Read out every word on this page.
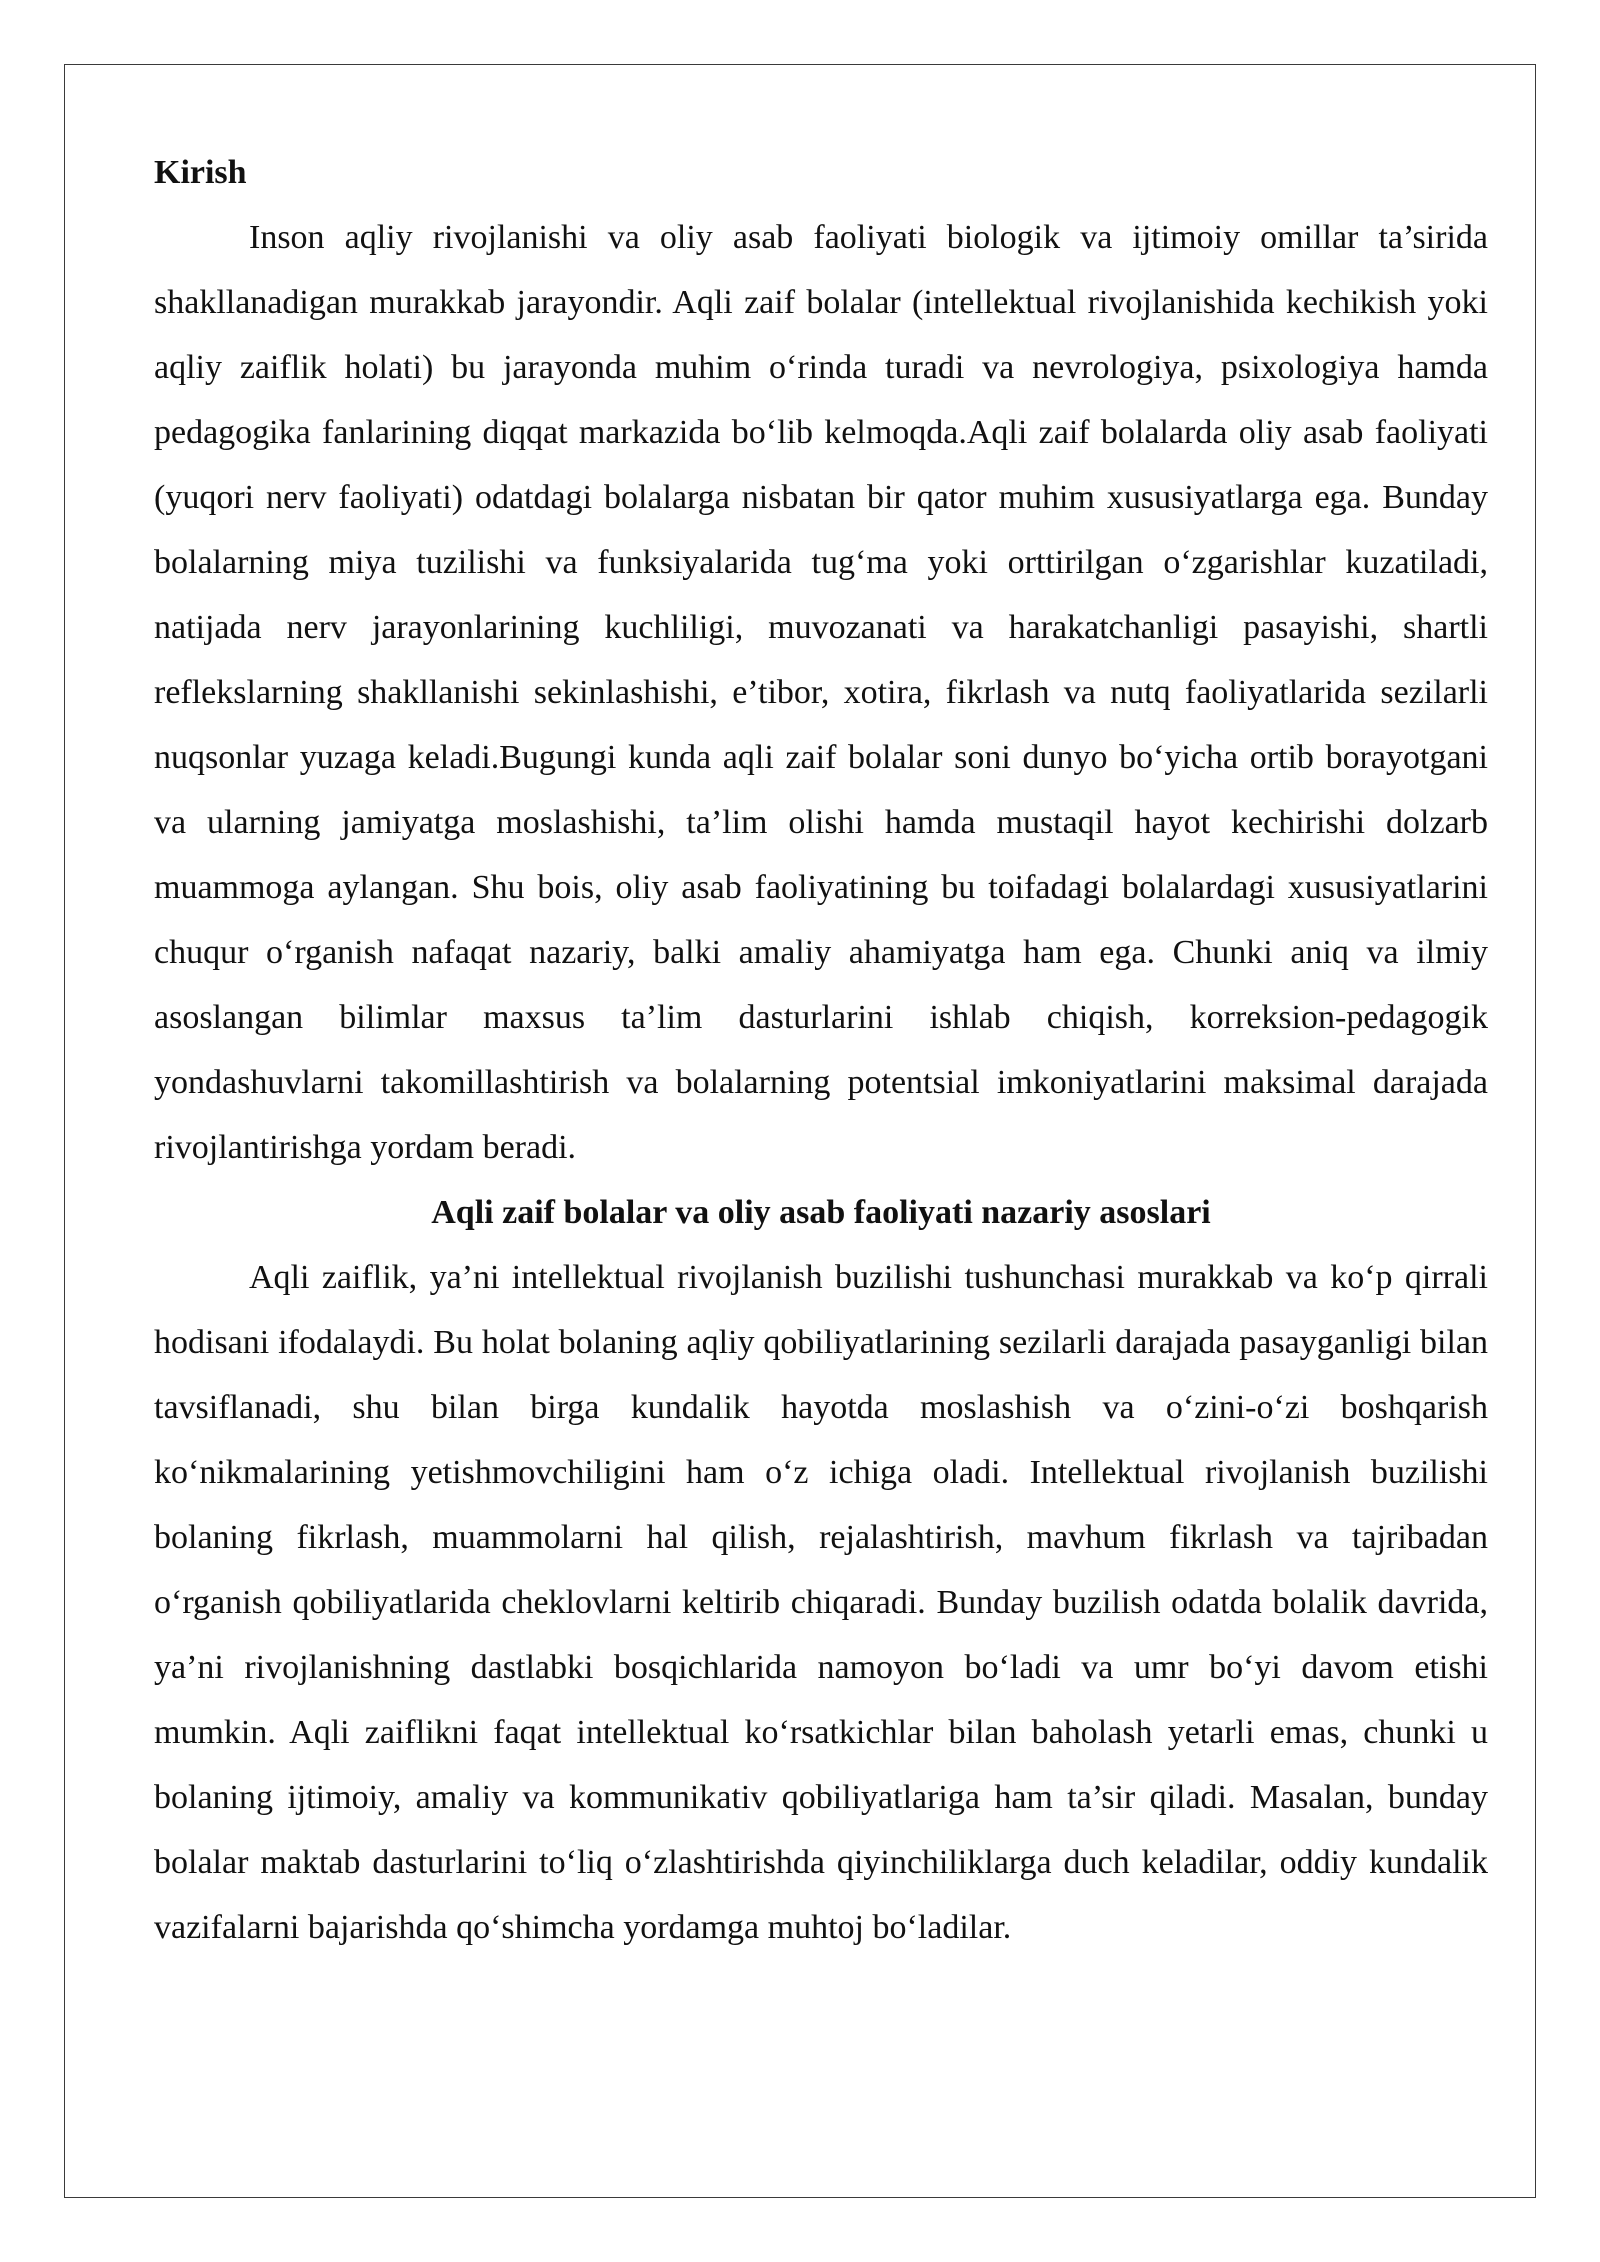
Kirish

Inson aqliy rivojlanishi va oliy asab faoliyati biologik va ijtimoiy omillar ta’sirida shakllanadigan murakkab jarayondir. Aqli zaif bolalar (intellektual rivojlanishida kechikish yoki aqliy zaiflik holati) bu jarayonda muhim o‘rinda turadi va nevrologiya, psixologiya hamda pedagogika fanlarining diqqat markazida bo‘lib kelmoqda.Aqli zaif bolalarda oliy asab faoliyati (yuqori nerv faoliyati) odatdagi bolalarga nisbatan bir qator muhim xususiyatlarga ega. Bunday bolalarning miya tuzilishi va funksiyalarida tug‘ma yoki orttirilgan o‘zgarishlar kuzatiladi, natijada nerv jarayonlarining kuchliligi, muvozanati va harakatchanligi pasayishi, shartli reflekslarning shakllanishi sekinlashishi, e’tibor, xotira, fikrlash va nutq faoliyatlarida sezilarli nuqsonlar yuzaga keladi.Bugungi kunda aqli zaif bolalar soni dunyo bo‘yicha ortib borayotgani va ularning jamiyatga moslashishi, ta’lim olishi hamda mustaqil hayot kechirishi dolzarb muammoga aylangan. Shu bois, oliy asab faoliyatining bu toifadagi bolalardagi xususiyatlarini chuqur o‘rganish nafaqat nazariy, balki amaliy ahamiyatga ham ega. Chunki aniq va ilmiy asoslangan bilimlar maxsus ta’lim dasturlarini ishlab chiqish, korreksion-pedagogik yondashuvlarni takomillashtirish va bolalarning potentsial imkoniyatlarini maksimal darajada rivojlantirishga yordam beradi.

Aqli zaif bolalar va oliy asab faoliyati nazariy asoslari

Aqli zaiflik, ya’ni intellektual rivojlanish buzilishi tushunchasi murakkab va ko‘p qirrali hodisani ifodalaydi. Bu holat bolaning aqliy qobiliyatlarining sezilarli darajada pasayganligi bilan tavsiflanadi, shu bilan birga kundalik hayotda moslashish va o‘zini-o‘zi boshqarish ko‘nikmalarining yetishmovchiligini ham o‘z ichiga oladi. Intellektual rivojlanish buzilishi bolaning fikrlash, muammolarni hal qilish, rejalashtirish, mavhum fikrlash va tajribadan o‘rganish qobiliyatlarida cheklovlarni keltirib chiqaradi. Bunday buzilish odatda bolalik davrida, ya’ni rivojlanishning dastlabki bosqichlarida namoyon bo‘ladi va umr bo‘yi davom etishi mumkin. Aqli zaiflikni faqat intellektual ko‘rsatkichlar bilan baholash yetarli emas, chunki u bolaning ijtimoiy, amaliy va kommunikativ qobiliyatlariga ham ta’sir qiladi. Masalan, bunday bolalar maktab dasturlarini to‘liq o‘zlashtirishda qiyinchiliklarga duch keladilar, oddiy kundalik vazifalarni bajarishda qo‘shimcha yordamga muhtoj bo‘ladilar.
